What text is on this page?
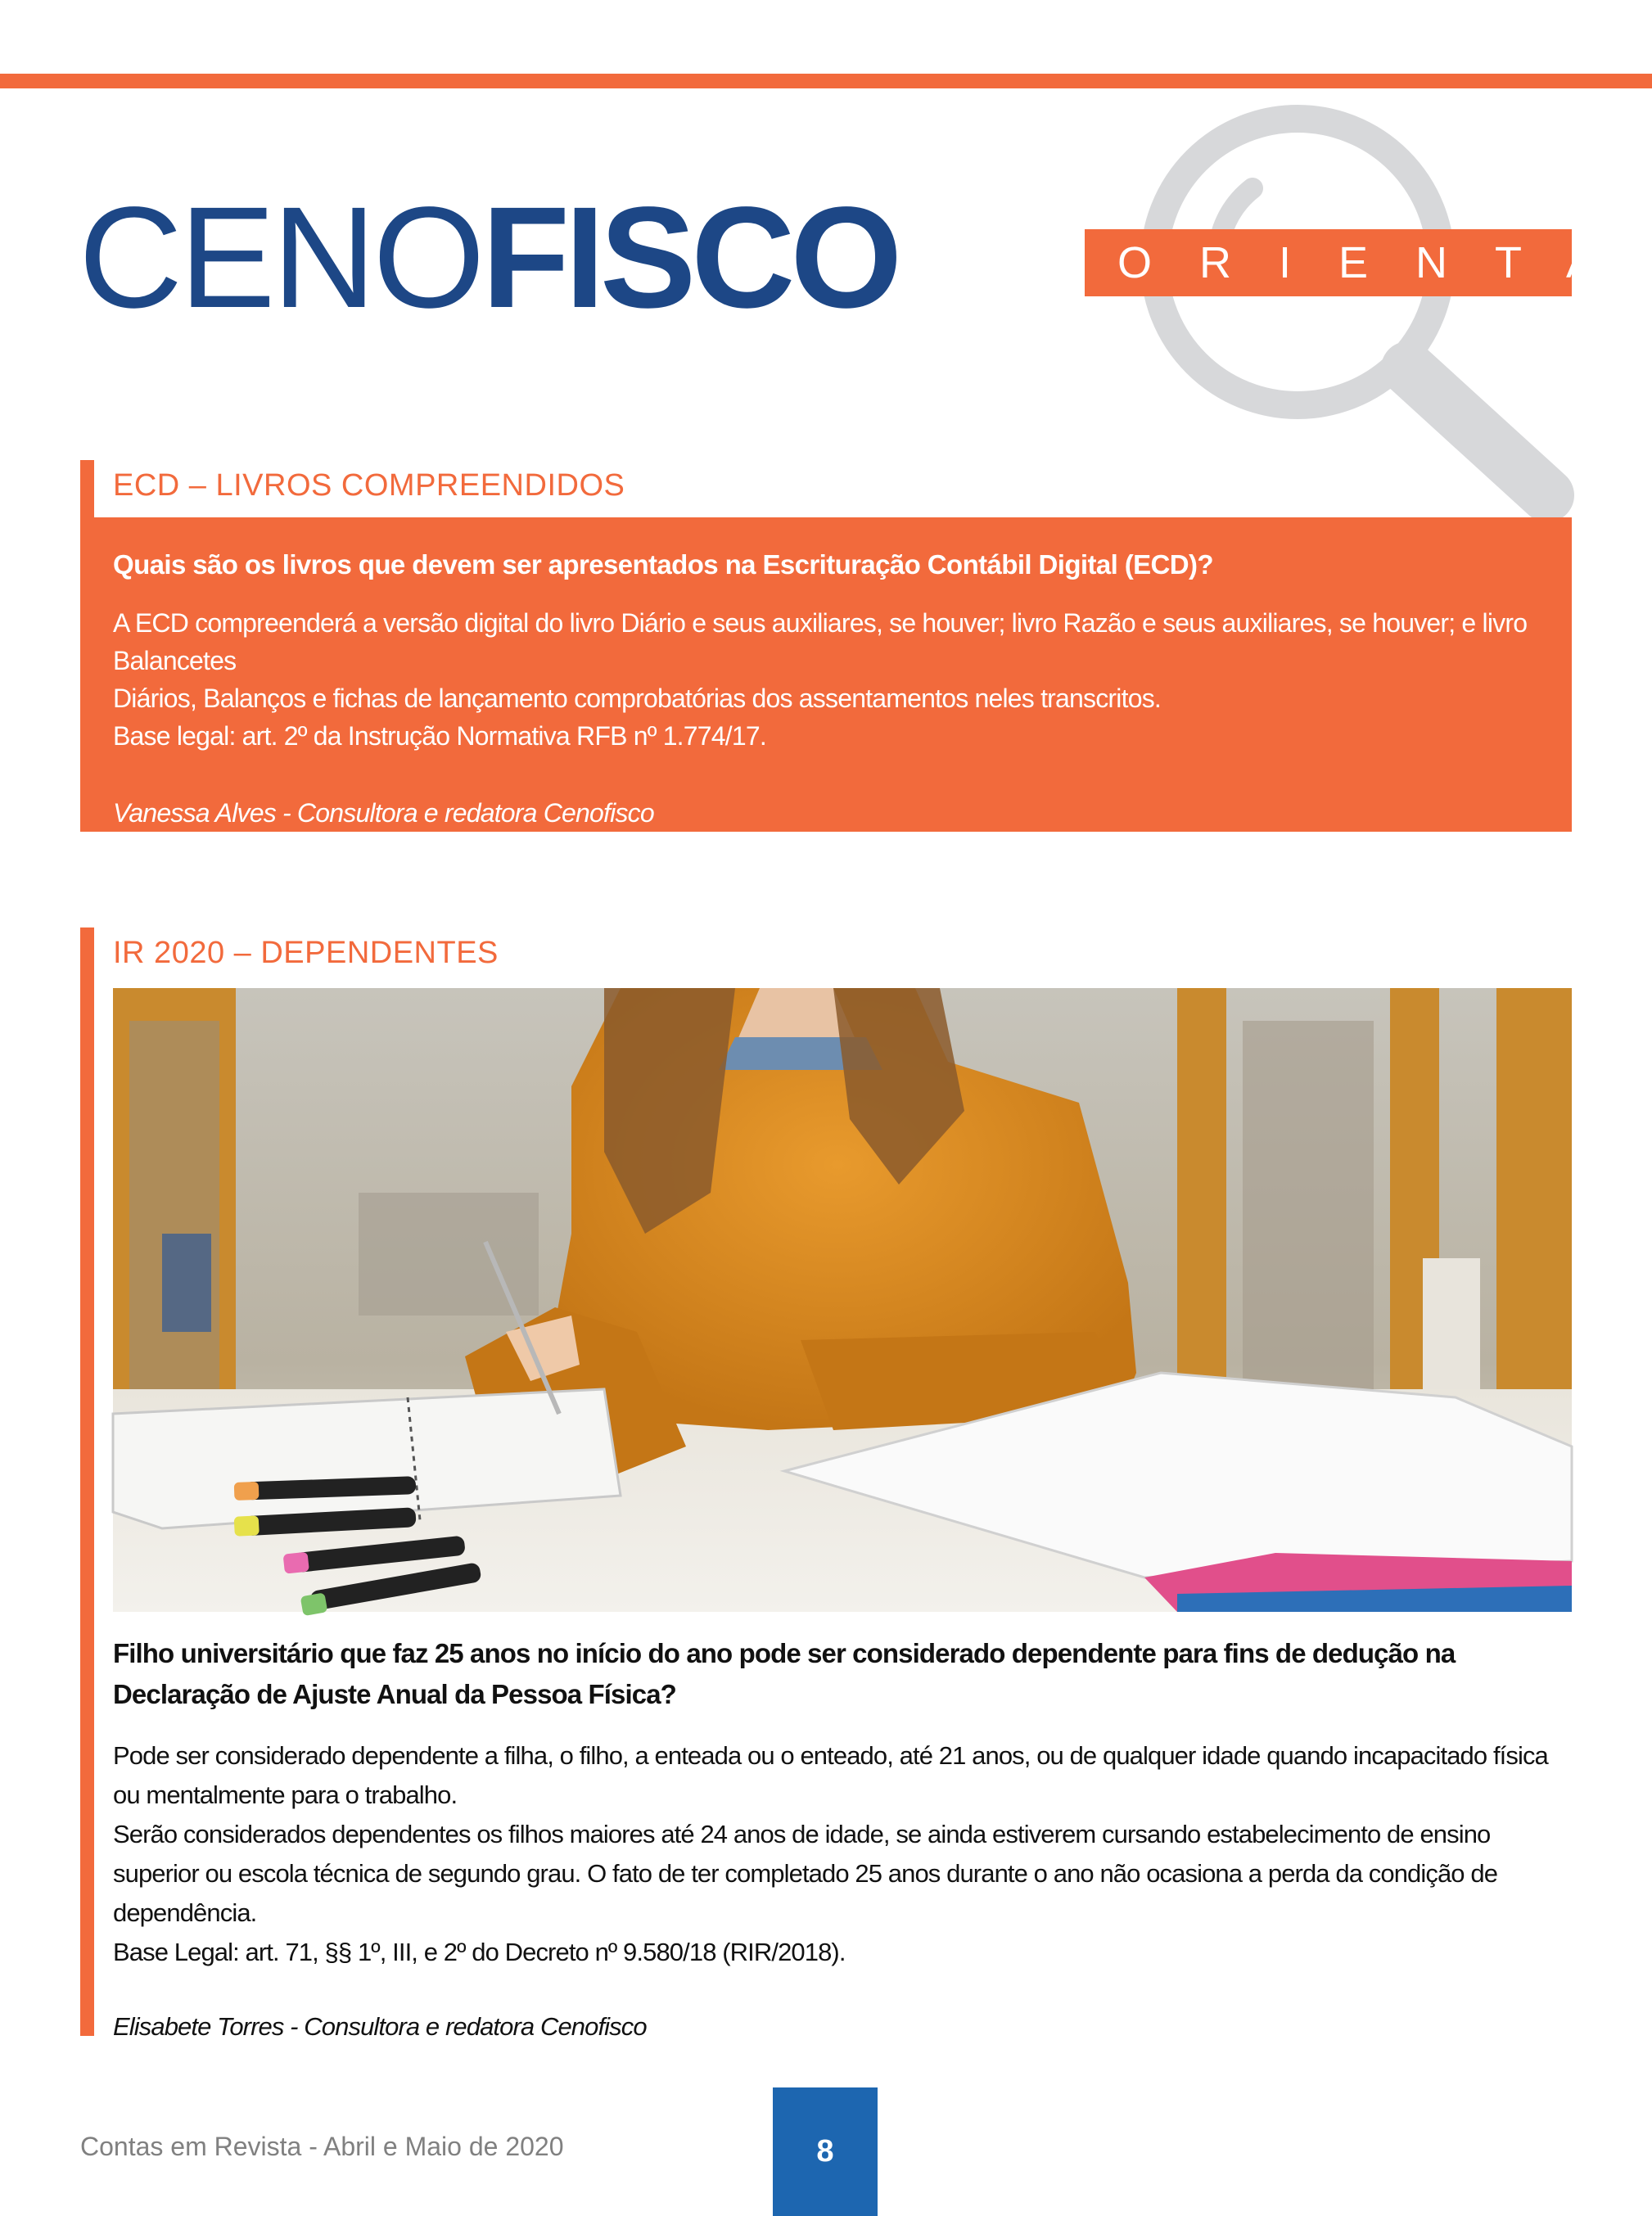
CENOFISCO	ORIENTA
ECD – LIVROS COMPREENDIDOS

Quais são os livros que devem ser apresentados na Escrituração Contábil Digital (ECD)?

A ECD compreenderá a versão digital do livro Diário e seus auxiliares, se houver; livro Razão e seus auxiliares, se houver; e livro Balancetes

Diários, Balanços e fichas de lançamento comprobatórias dos assentamentos neles transcritos.

Base legal: art. 2º da Instrução Normativa RFB nº 1.774/17.

Vanessa Alves - Consultora e redatora Cenofisco

IR 2020 – DEPENDENTES

Filho universitário que faz 25 anos no início do ano pode ser considerado dependente para fins de dedução na Declaração de Ajuste Anual da Pessoa Física?

Pode ser considerado dependente a filha, o filho, a enteada ou o enteado, até 21 anos, ou de qualquer idade quando incapacitado física ou mentalmente para o trabalho.

Serão considerados dependentes os filhos maiores até 24 anos de idade, se ainda estiverem cursando estabelecimento de ensino superior ou escola técnica de segundo grau. O fato de ter completado 25 anos durante o ano não ocasiona a perda da condição de dependência.

Base Legal: art. 71, §§ 1º, III, e 2º do Decreto nº 9.580/18 (RIR/2018).

Elisabete Torres - Consultora e redatora Cenofisco

Contas em Revista - Abril e Maio de 2020	8
